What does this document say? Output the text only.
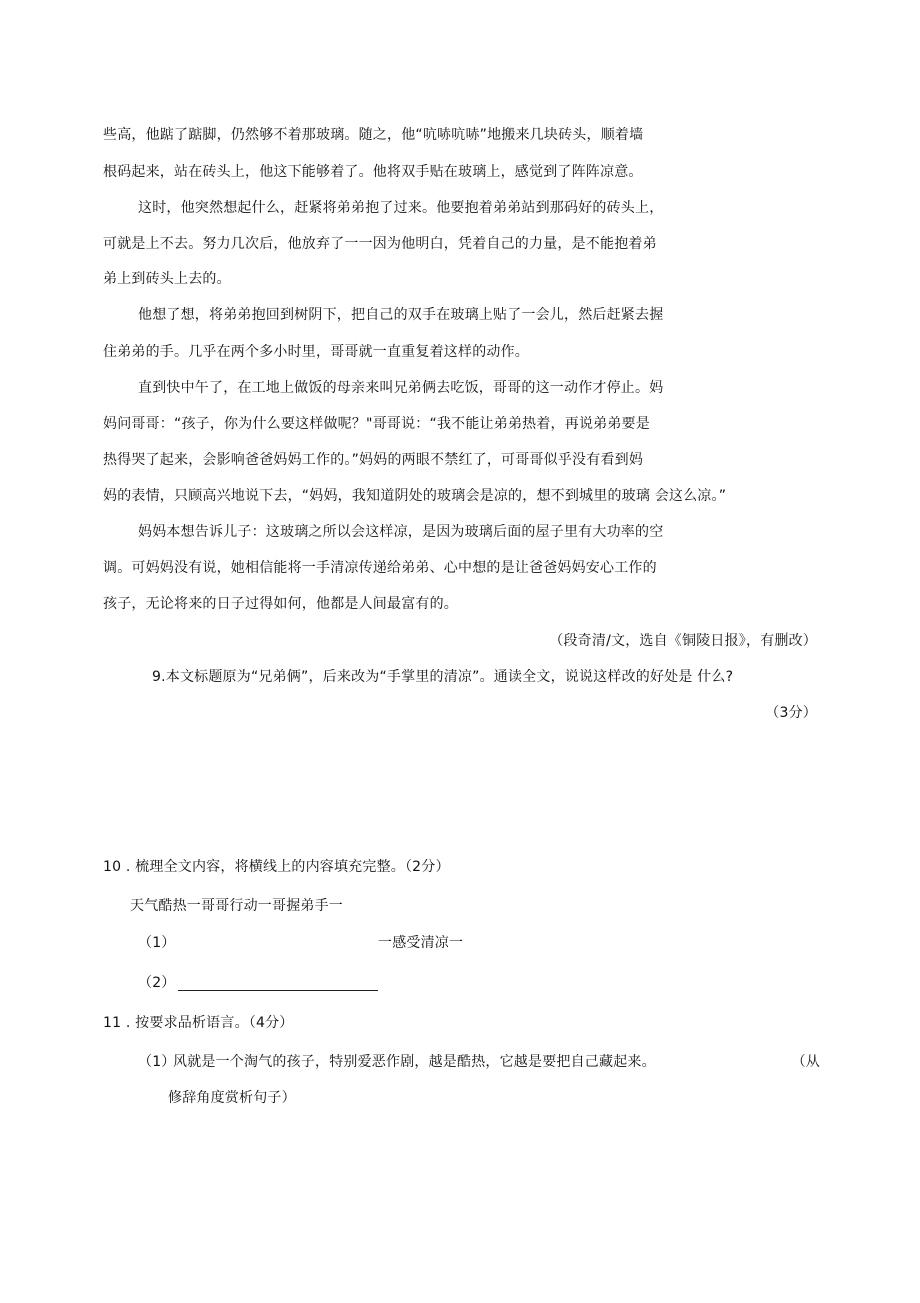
些高，他踮了踮脚，仍然够不着那玻璃。随之，他“吭哧吭哧”地搬来几块砖头，顺着墙
根码起来，站在砖头上，他这下能够着了。他将双手贴在玻璃上，感觉到了阵阵凉意。
这时，他突然想起什么，赶紧将弟弟抱了过来。他要抱着弟弟站到那码好的砖头上，
可就是上不去。努力几次后，他放弃了一一因为他明白，凭着自己的力量，是不能抱着弟
弟上到砖头上去的。
他想了想，将弟弟抱回到树阴下，把自己的双手在玻璃上贴了一会儿，然后赶紧去握
住弟弟的手。几乎在两个多小时里，哥哥就一直重复着这样的动作。
直到快中午了，在工地上做饭的母亲来叫兄弟俩去吃饭，哥哥的这一动作才停止。妈
妈问哥哥：“孩子，你为什么要这样做呢？"哥哥说：“我不能让弟弟热着，再说弟弟要是
热得哭了起来，会影响爸爸妈妈工作的。”妈妈的两眼不禁红了，可哥哥似乎没有看到妈
妈的表情，只顾高兴地说下去，“妈妈，我知道阴处的玻璃会是凉的，想不到城里的玻璃 会这么凉。”
妈妈本想告诉儿子：这玻璃之所以会这样凉，是因为玻璃后面的屋子里有大功率的空
调。可妈妈没有说，她相信能将一手清凉传递给弟弟、心中想的是让爸爸妈妈安心工作的
孩子，无论将来的日子过得如何，他都是人间最富有的。
（段奇清/文，选自《铜陵日报》，有删改）
9.本文标题原为“兄弟俩”，后来改为“手掌里的清凉”。通读全文，说说这样改的好处是 什么?
（3分）
10 . 梳理全文内容，将横线上的内容填充完整。（2分）
天气酷热一哥哥行动一哥握弟手一
（1）	一感受清凉一
（2）
11 . 按要求品析语言。（4分）
（1）
风就是一个淘气的孩子，特别爱恶作剧，越是酷热，它越是要把自己藏起来。	（从
修辞角度赏析句子）
